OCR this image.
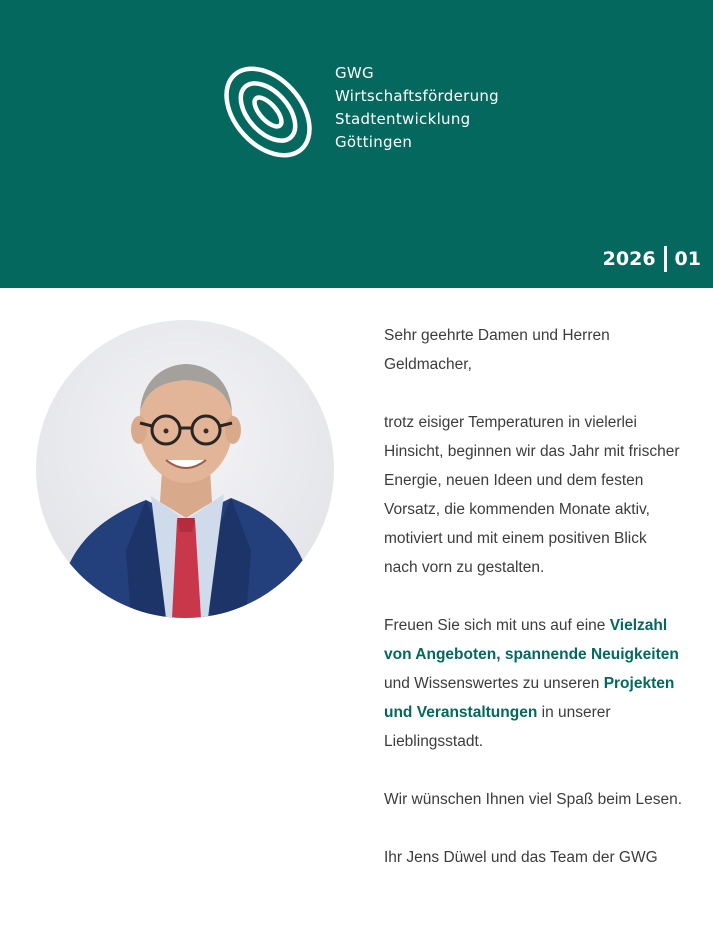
GWG
Wirtschaftsförderung
Stadtentwicklung
Göttingen
2026 01

Sehr geehrte Damen und Herren Geldmacher,

trotz eisiger Temperaturen in vielerlei Hinsicht, beginnen wir das Jahr mit frischer Energie, neuen Ideen und dem festen Vorsatz, die kommenden Monate aktiv, motiviert und mit einem positiven Blick nach vorn zu gestalten.

Freuen Sie sich mit uns auf eine Vielzahl von Angeboten, spannende Neuigkeiten und Wissenswertes zu unseren Projekten und Veranstaltungen in unserer Lieblingsstadt.

Wir wünschen Ihnen viel Spaß beim Lesen.

Ihr Jens Düwel und das Team der GWG
